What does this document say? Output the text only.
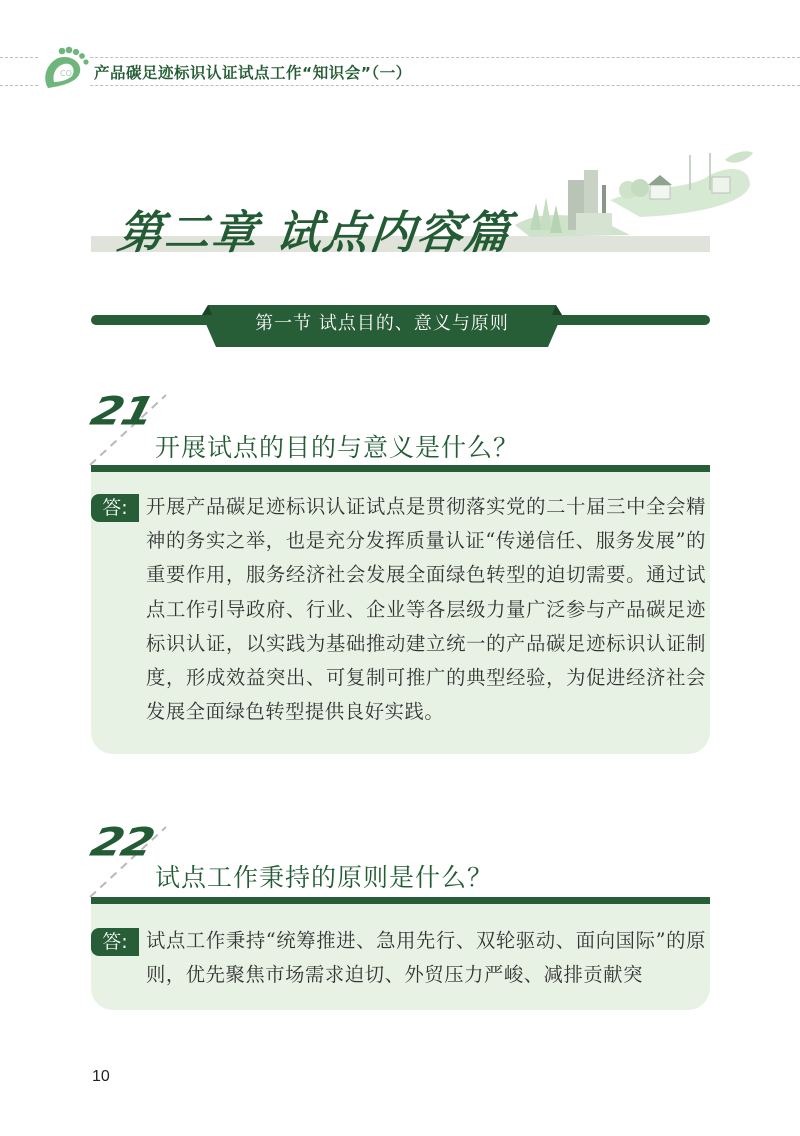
CO 产品碳足迹标识认证试点工作“知识会”（一）
第二章 试点内容篇
第一节 试点目的、意义与原则
21
开展试点的目的与意义是什么？
答: 开展产品碳足迹标识认证试点是贯彻落实党的二十届三中全会精神的务实之举，也是充分发挥质量认证“传递信任、服务发展”的重要作用，服务经济社会发展全面绿色转型的迫切需要。通过试点工作引导政府、行业、企业等各层级力量广泛参与产品碳足迹标识认证，以实践为基础推动建立统一的产品碳足迹标识认证制度，形成效益突出、可复制可推广的典型经验，为促进经济社会发展全面绿色转型提供良好实践。
22
试点工作秉持的原则是什么？
答: 试点工作秉持“统筹推进、急用先行、双轮驱动、面向国际”的原则，优先聚焦市场需求迫切、外贸压力严峻、减排贡献突
10
